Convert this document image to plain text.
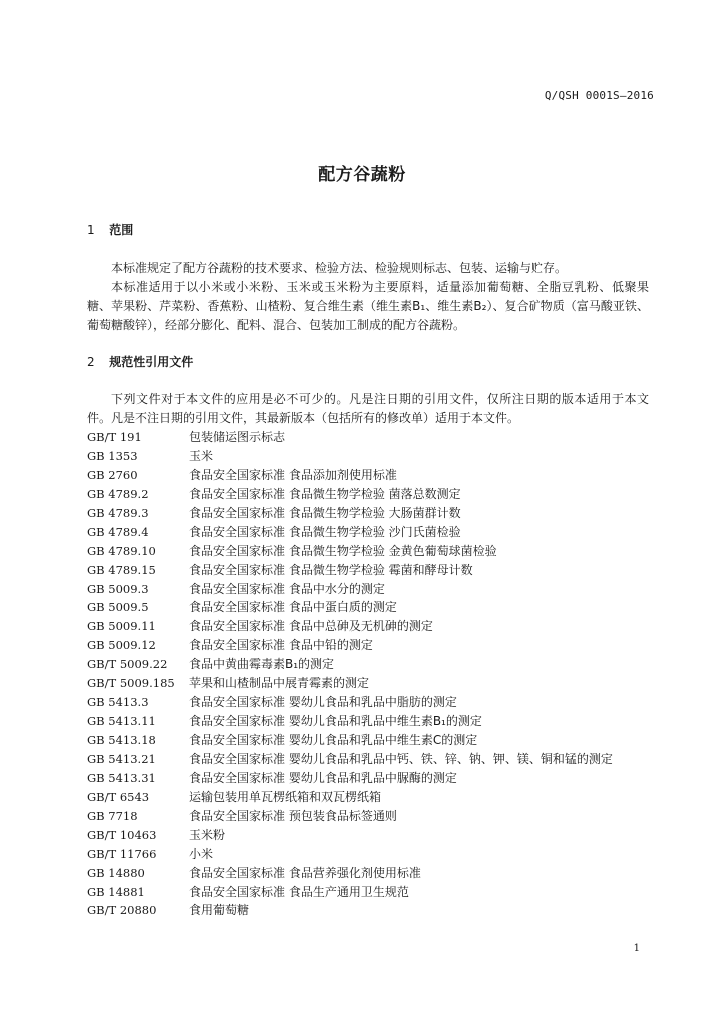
Q/QSH 0001S—2016
配方谷蔬粉
1 范围

本标准规定了配方谷蔬粉的技术要求、检验方法、检验规则标志、包装、运输与贮存。

本标准适用于以小米或小米粉、玉米或玉米粉为主要原料，适量添加葡萄糖、全脂豆乳粉、低聚果糖、苹果粉、芹菜粉、香蕉粉、山楂粉、复合维生素（维生素B₁、维生素B₂）、复合矿物质（富马酸亚铁、葡萄糖酸锌），经部分膨化、配料、混合、包装加工制成的配方谷蔬粉。

2 规范性引用文件

下列文件对于本文件的应用是必不可少的。凡是注日期的引用文件，仅所注日期的版本适用于本文件。凡是不注日期的引用文件，其最新版本（包括所有的修改单）适用于本文件。

GB/T 191	包装储运图示标志
GB 1353	玉米
GB 2760	食品安全国家标准 食品添加剂使用标准
GB 4789.2	食品安全国家标准 食品微生物学检验 菌落总数测定
GB 4789.3	食品安全国家标准 食品微生物学检验 大肠菌群计数
GB 4789.4	食品安全国家标准 食品微生物学检验 沙门氏菌检验
GB 4789.10	食品安全国家标准 食品微生物学检验 金黄色葡萄球菌检验
GB 4789.15	食品安全国家标准 食品微生物学检验 霉菌和酵母计数
GB 5009.3	食品安全国家标准 食品中水分的测定
GB 5009.5	食品安全国家标准 食品中蛋白质的测定
GB 5009.11	食品安全国家标准 食品中总砷及无机砷的测定
GB 5009.12	食品安全国家标准 食品中铅的测定
GB/T 5009.22 食品中黄曲霉毒素B₁的测定
GB/T 5009.185 苹果和山楂制品中展青霉素的测定
GB 5413.3	食品安全国家标准 婴幼儿食品和乳品中脂肪的测定
GB 5413.11	食品安全国家标准 婴幼儿食品和乳品中维生素B₁的测定
GB 5413.18	食品安全国家标准 婴幼儿食品和乳品中维生素C的测定
GB 5413.21	食品安全国家标准 婴幼儿食品和乳品中钙、铁、锌、钠、钾、镁、铜和锰的测定
GB 5413.31	食品安全国家标准 婴幼儿食品和乳品中脲酶的测定
GB/T 6543	运输包装用单瓦楞纸箱和双瓦楞纸箱
GB 7718	食品安全国家标准 预包装食品标签通则
GB/T 10463	玉米粉
GB/T 11766	小米
GB 14880	食品安全国家标准 食品营养强化剂使用标准
GB 14881	食品安全国家标准 食品生产通用卫生规范
GB/T 20880	食用葡萄糖
1
